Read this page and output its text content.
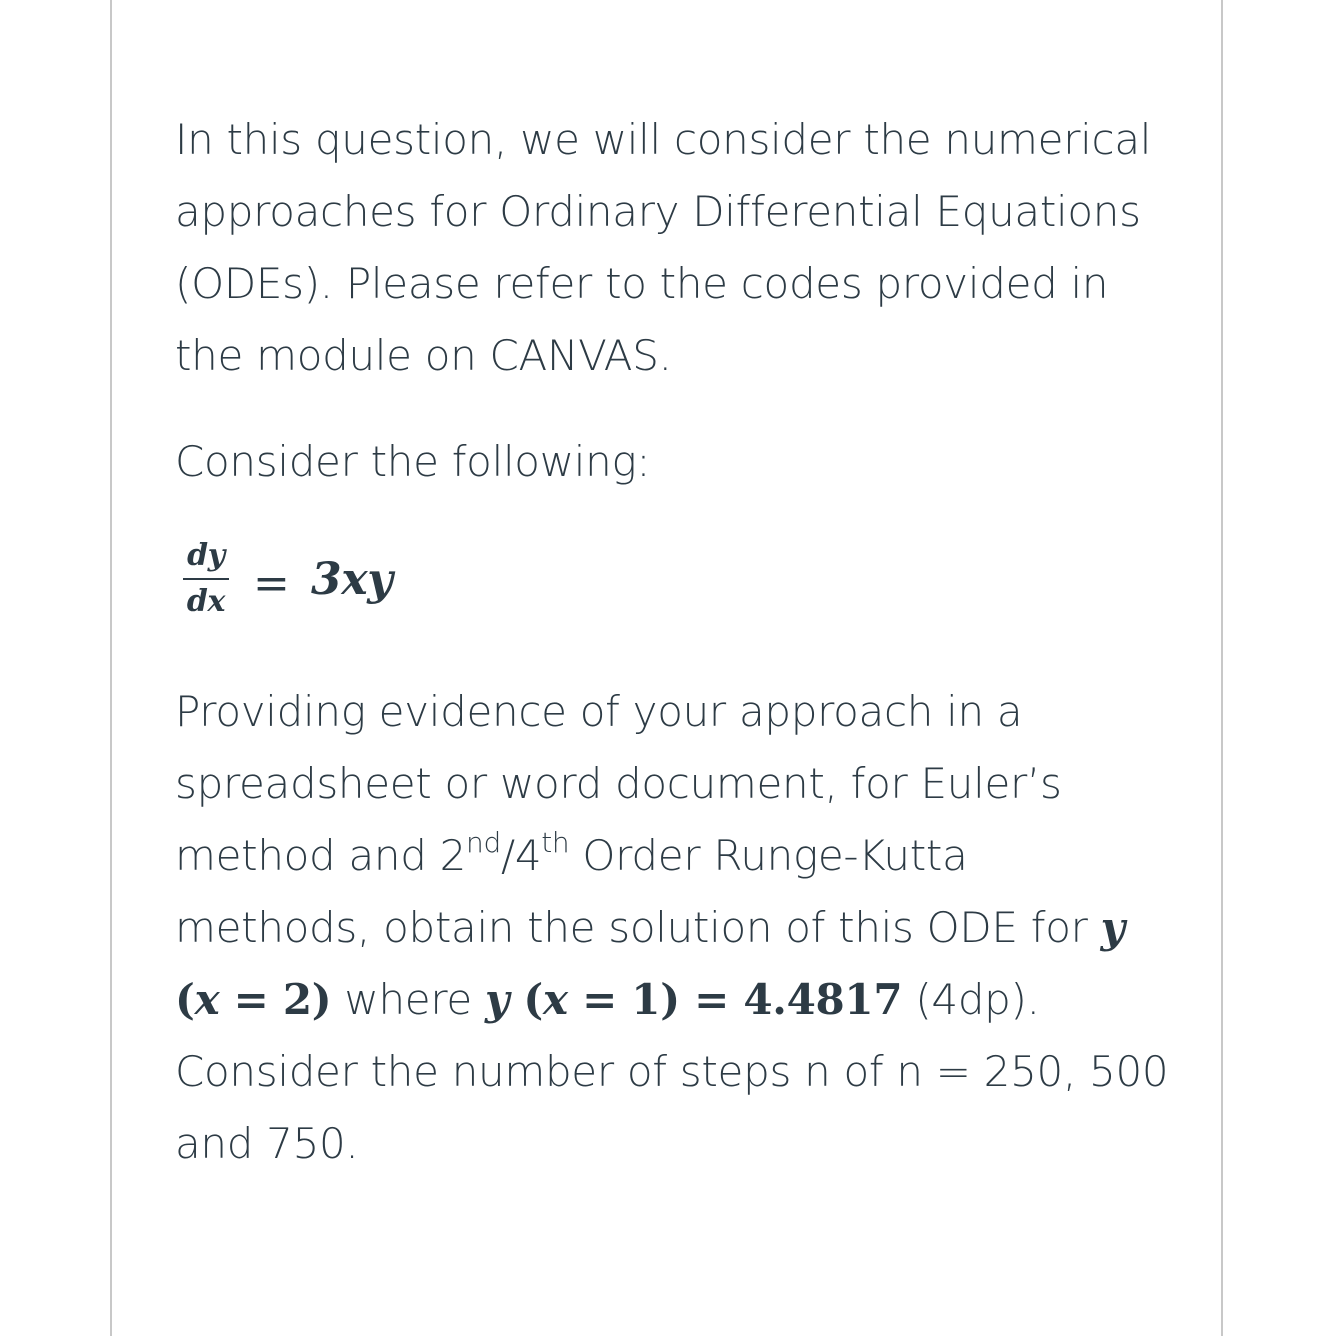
In this question, we will consider the numerical approaches for Ordinary Differential Equations (ODEs). Please refer to the codes provided in the module on CANVAS.

Consider the following:

dy
dx = 3xy

Providing evidence of your approach in a spreadsheet or word document, for Euler’s method and 2nd/4th Order Runge-Kutta methods, obtain the solution of this ODE for y (x = 2) where y (x = 1) = 4.4817 (4dp). Consider the number of steps n of n = 250, 500 and 750.
